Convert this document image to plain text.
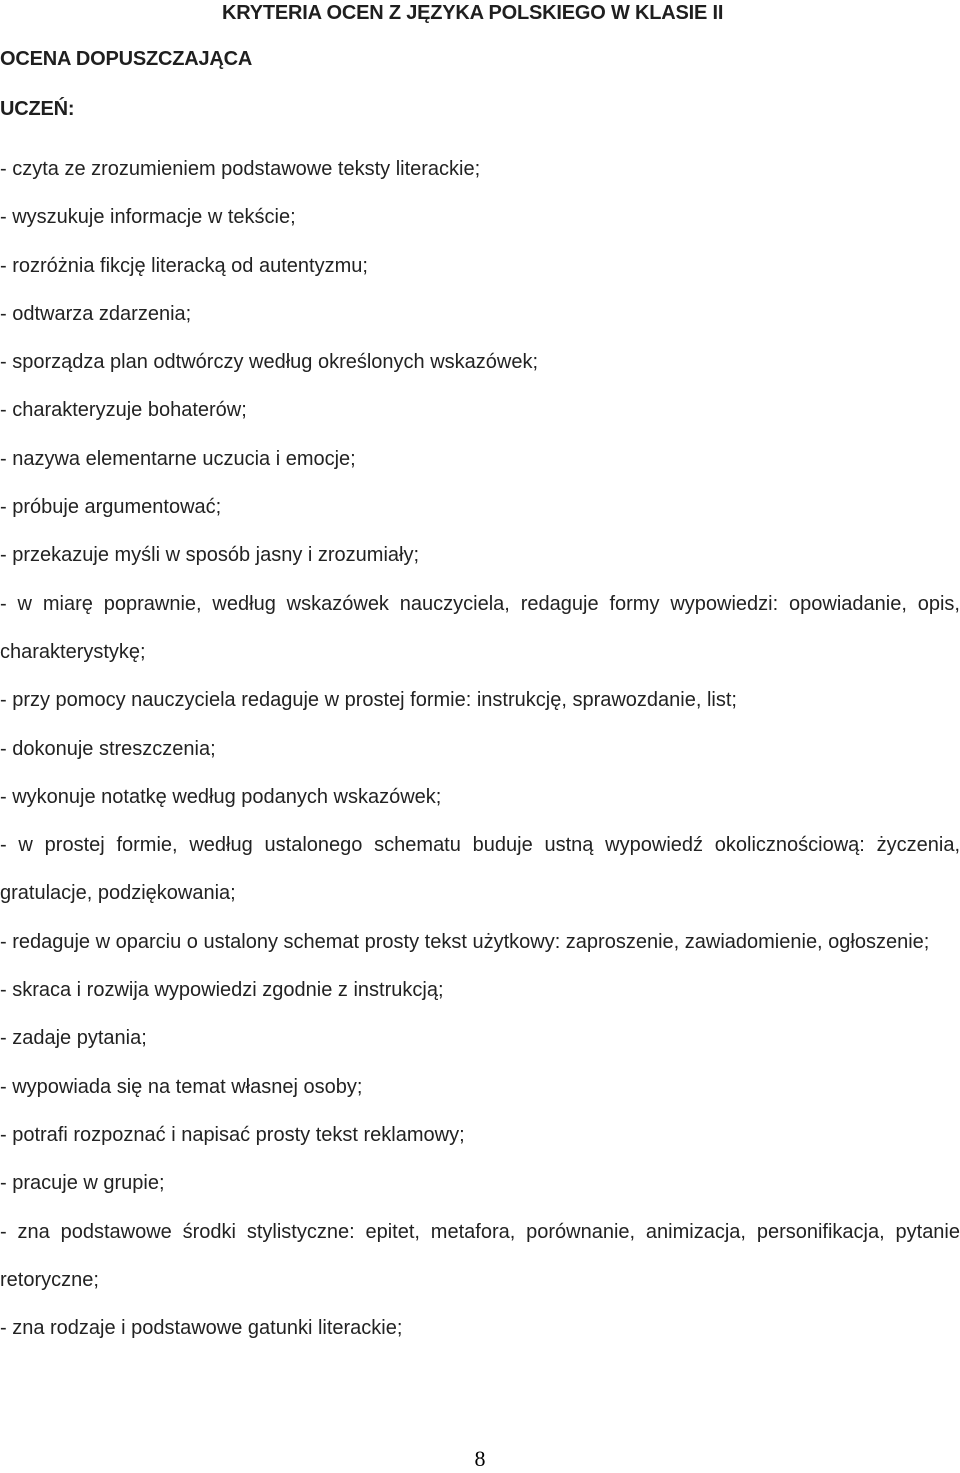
KRYTERIA OCEN Z JĘZYKA POLSKIEGO W KLASIE II
OCENA DOPUSZCZAJĄCA
UCZEŃ:
- czyta ze zrozumieniem podstawowe teksty literackie;
- wyszukuje informacje w tekście;
- rozróżnia fikcję literacką od autentyzmu;
- odtwarza zdarzenia;
- sporządza plan odtwórczy według określonych wskazówek;
- charakteryzuje bohaterów;
- nazywa elementarne uczucia i emocje;
- próbuje argumentować;
- przekazuje myśli w sposób jasny i zrozumiały;
- w miarę poprawnie, według wskazówek nauczyciela, redaguje formy wypowiedzi: opowiadanie, opis, charakterystykę;
- przy pomocy nauczyciela redaguje w prostej formie: instrukcję, sprawozdanie, list;
- dokonuje streszczenia;
- wykonuje notatkę według podanych wskazówek;
- w prostej formie, według ustalonego schematu buduje ustną wypowiedź okolicznościową: życzenia, gratulacje, podziękowania;
- redaguje w oparciu o ustalony schemat prosty tekst użytkowy: zaproszenie, zawiadomienie, ogłoszenie;
- skraca i rozwija wypowiedzi zgodnie z instrukcją;
- zadaje pytania;
- wypowiada się na temat własnej osoby;
- potrafi rozpoznać i napisać prosty tekst reklamowy;
- pracuje w grupie;
- zna podstawowe środki stylistyczne: epitet, metafora, porównanie, animizacja, personifikacja, pytanie retoryczne;
- zna rodzaje i podstawowe gatunki literackie;
8
